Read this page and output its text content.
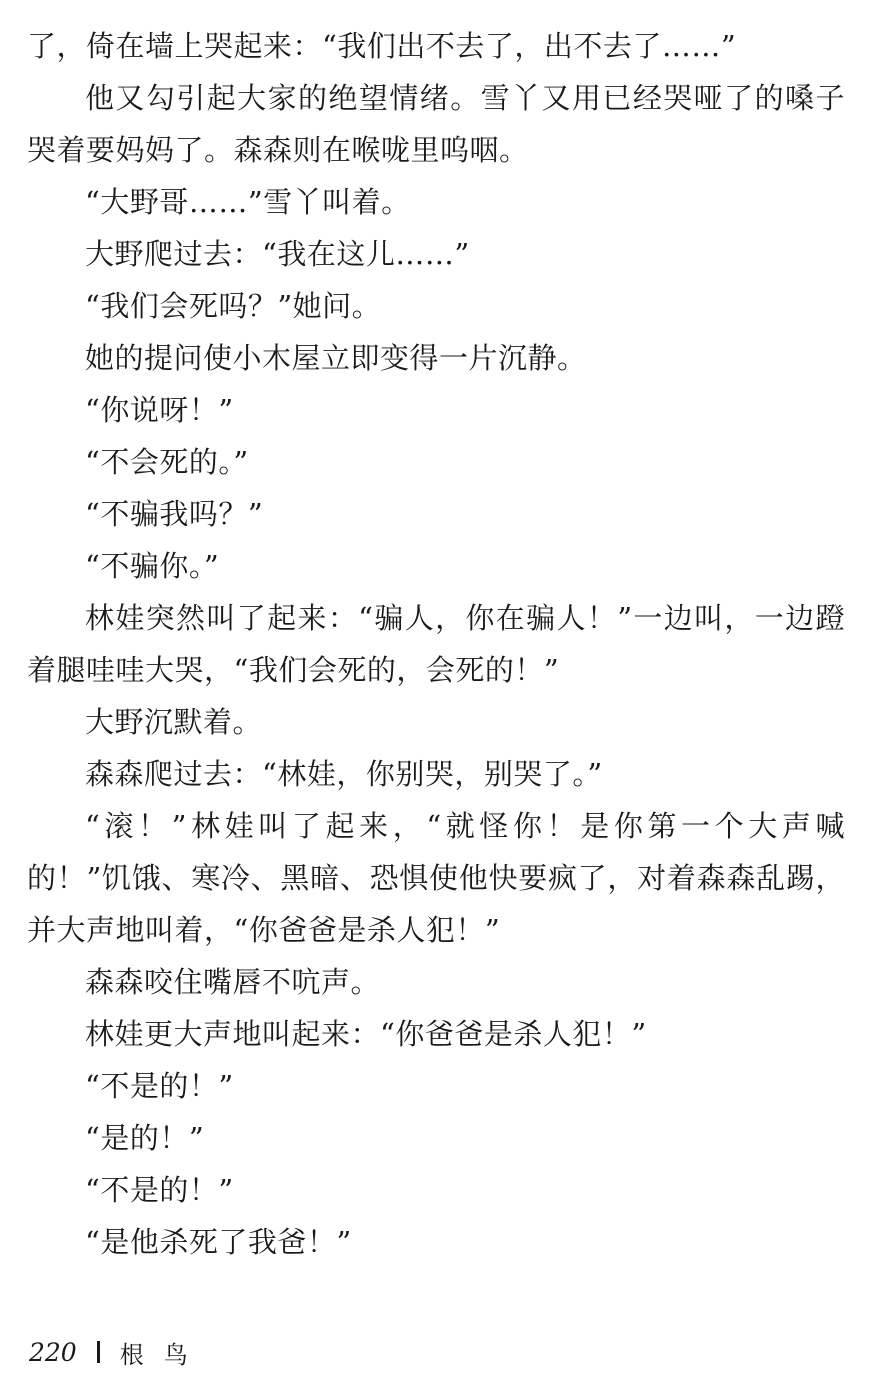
了，倚在墙上哭起来：“我们出不去了，出不去了……”

他又勾引起大家的绝望情绪。雪丫又用已经哭哑了的嗓子哭着要妈妈了。森森则在喉咙里呜咽。

“大野哥……”雪丫叫着。

大野爬过去：“我在这儿……”

“我们会死吗？”她问。

她的提问使小木屋立即变得一片沉静。

“你说呀！”

“不会死的。”

“不骗我吗？”

“不骗你。”

林娃突然叫了起来：“骗人，你在骗人！”一边叫，一边蹬着腿哇哇大哭，“我们会死的，会死的！”

大野沉默着。

森森爬过去：“林娃，你别哭，别哭了。”

“滚！”林娃叫了起来，“就怪你！是你第一个大声喊的！”饥饿、寒冷、黑暗、恐惧使他快要疯了，对着森森乱踢，并大声地叫着，“你爸爸是杀人犯！”

森森咬住嘴唇不吭声。

林娃更大声地叫起来：“你爸爸是杀人犯！”

“不是的！”

“是的！”

“不是的！”

“是他杀死了我爸！”

220 根鸟
